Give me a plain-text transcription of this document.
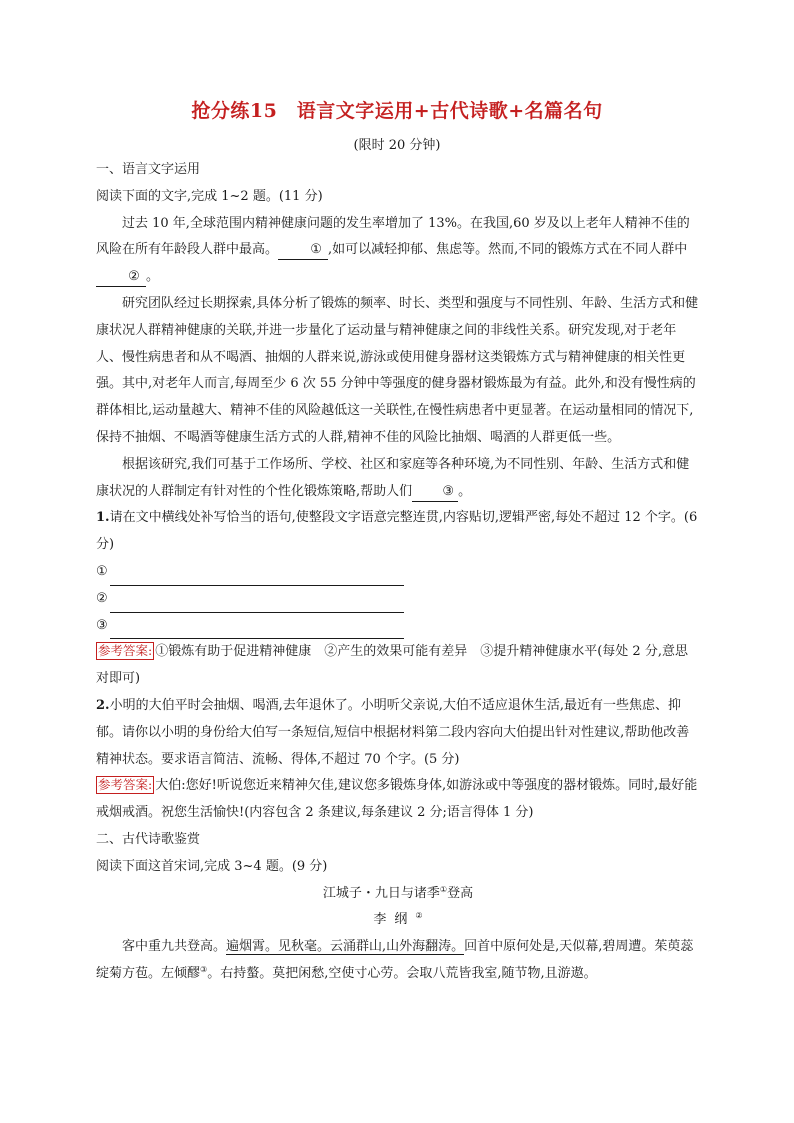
抢分练15　语言文字运用+古代诗歌+名篇名句
(限时 20 分钟)

一、语言文字运用

阅读下面的文字,完成 1~2 题。(11 分)

过去 10 年,全球范围内精神健康问题的发生率增加了 13%。在我国,60 岁及以上老年人精神不佳的风险在所有年龄段人群中最高。 ① ,如可以减轻抑郁、焦虑等。然而,不同的锻炼方式在不同人群中② 。

研究团队经过长期探索,具体分析了锻炼的频率、时长、类型和强度与不同性别、年龄、生活方式和健康状况人群精神健康的关联,并进一步量化了运动量与精神健康之间的非线性关系。研究发现,对于老年人、慢性病患者和从不喝酒、抽烟的人群来说,游泳或使用健身器材这类锻炼方式与精神健康的相关性更强。其中,对老年人而言,每周至少 6 次 55 分钟中等强度的健身器材锻炼最为有益。此外,和没有慢性病的群体相比,运动量越大、精神不佳的风险越低这一关联性,在慢性病患者中更显著。在运动量相同的情况下,保持不抽烟、不喝酒等健康生活方式的人群,精神不佳的风险比抽烟、喝酒的人群更低一些。

根据该研究,我们可基于工作场所、学校、社区和家庭等各种环境,为不同性别、年龄、生活方式和健康状况的人群制定有针对性的个性化锻炼策略,帮助人们 ③ 。

1.请在文中横线处补写恰当的语句,使整段文字语意完整连贯,内容贴切,逻辑严密,每处不超过 12 个字。(6 分)

①
②
③

参考答案: ①锻炼有助于促进精神健康　②产生的效果可能有差异　③提升精神健康水平(每处 2 分,意思对即可)

2.小明的大伯平时会抽烟、喝酒,去年退休了。小明听父亲说,大伯不适应退休生活,最近有一些焦虑、抑郁。请你以小明的身份给大伯写一条短信,短信中根据材料第二段内容向大伯提出针对性建议,帮助他改善精神状态。要求语言简洁、流畅、得体,不超过 70 个字。(5 分)

参考答案: 大伯:您好!听说您近来精神欠佳,建议您多锻炼身体,如游泳或中等强度的器材锻炼。同时,最好能戒烟戒酒。祝您生活愉快!(内容包含 2 条建议,每条建议 2 分;语言得体 1 分)

二、古代诗歌鉴赏

阅读下面这首宋词,完成 3~4 题。(9 分)

江城子・九日与诸季①登高

李纲②

客中重九共登高。遍烟霄。见秋毫。云涌群山,山外海翻涛。回首中原何处是,天似幕,碧周遭。茱萸蕊绽菊方苞。左倾醪③。右持螯。莫把闲愁,空使寸心劳。会取八荒皆我室,随节物,且游遨。
